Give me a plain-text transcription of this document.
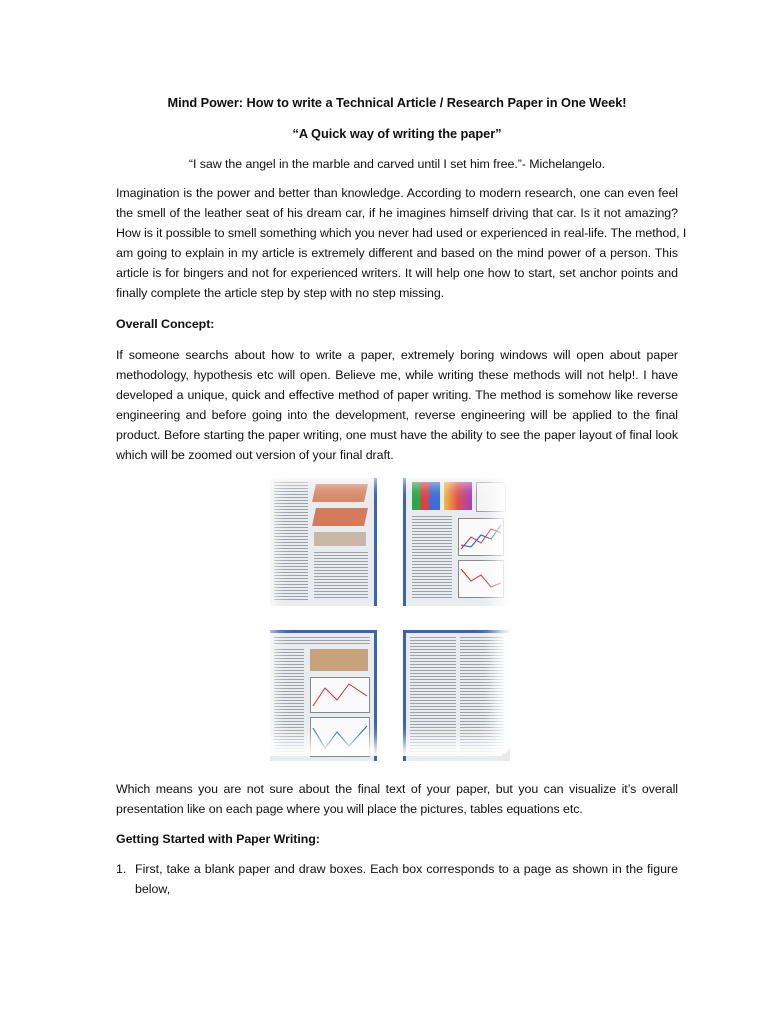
Mind Power: How to write a Technical Article / Research Paper in One Week!
“A Quick way of writing the paper”
“I saw the angel in the marble and carved until I set him free.”- Michelangelo.
Imagination is the power and better than knowledge. According to modern research, one can even feel
the smell of the leather seat of his dream car, if he imagines himself driving that car. Is it not amazing?
How is it possible to smell something which you never had used or experienced in real-life. The method, I
am going to explain in my article is extremely different and based on the mind power of a person. This
article is for bingers and not for experienced writers. It will help one how to start, set anchor points and
finally complete the article step by step with no step missing.
Overall Concept:
If someone searchs about how to write a paper, extremely boring windows will open about paper
methodology, hypothesis etc will open. Believe me, while writing these methods will not help!. I have
developed a unique, quick and effective method of paper writing. The method is somehow like reverse
engineering and before going into the development, reverse engineering will be applied to the final
product. Before starting the paper writing, one must have the ability to see the paper layout of final look
which will be zoomed out version of your final draft.
Which means you are not sure about the final text of your paper, but you can visualize it’s overall
presentation like on each page where you will place the pictures, tables equations etc.
Getting Started with Paper Writing:
1. First, take a blank paper and draw boxes. Each box corresponds to a page as shown in the figure
below,
